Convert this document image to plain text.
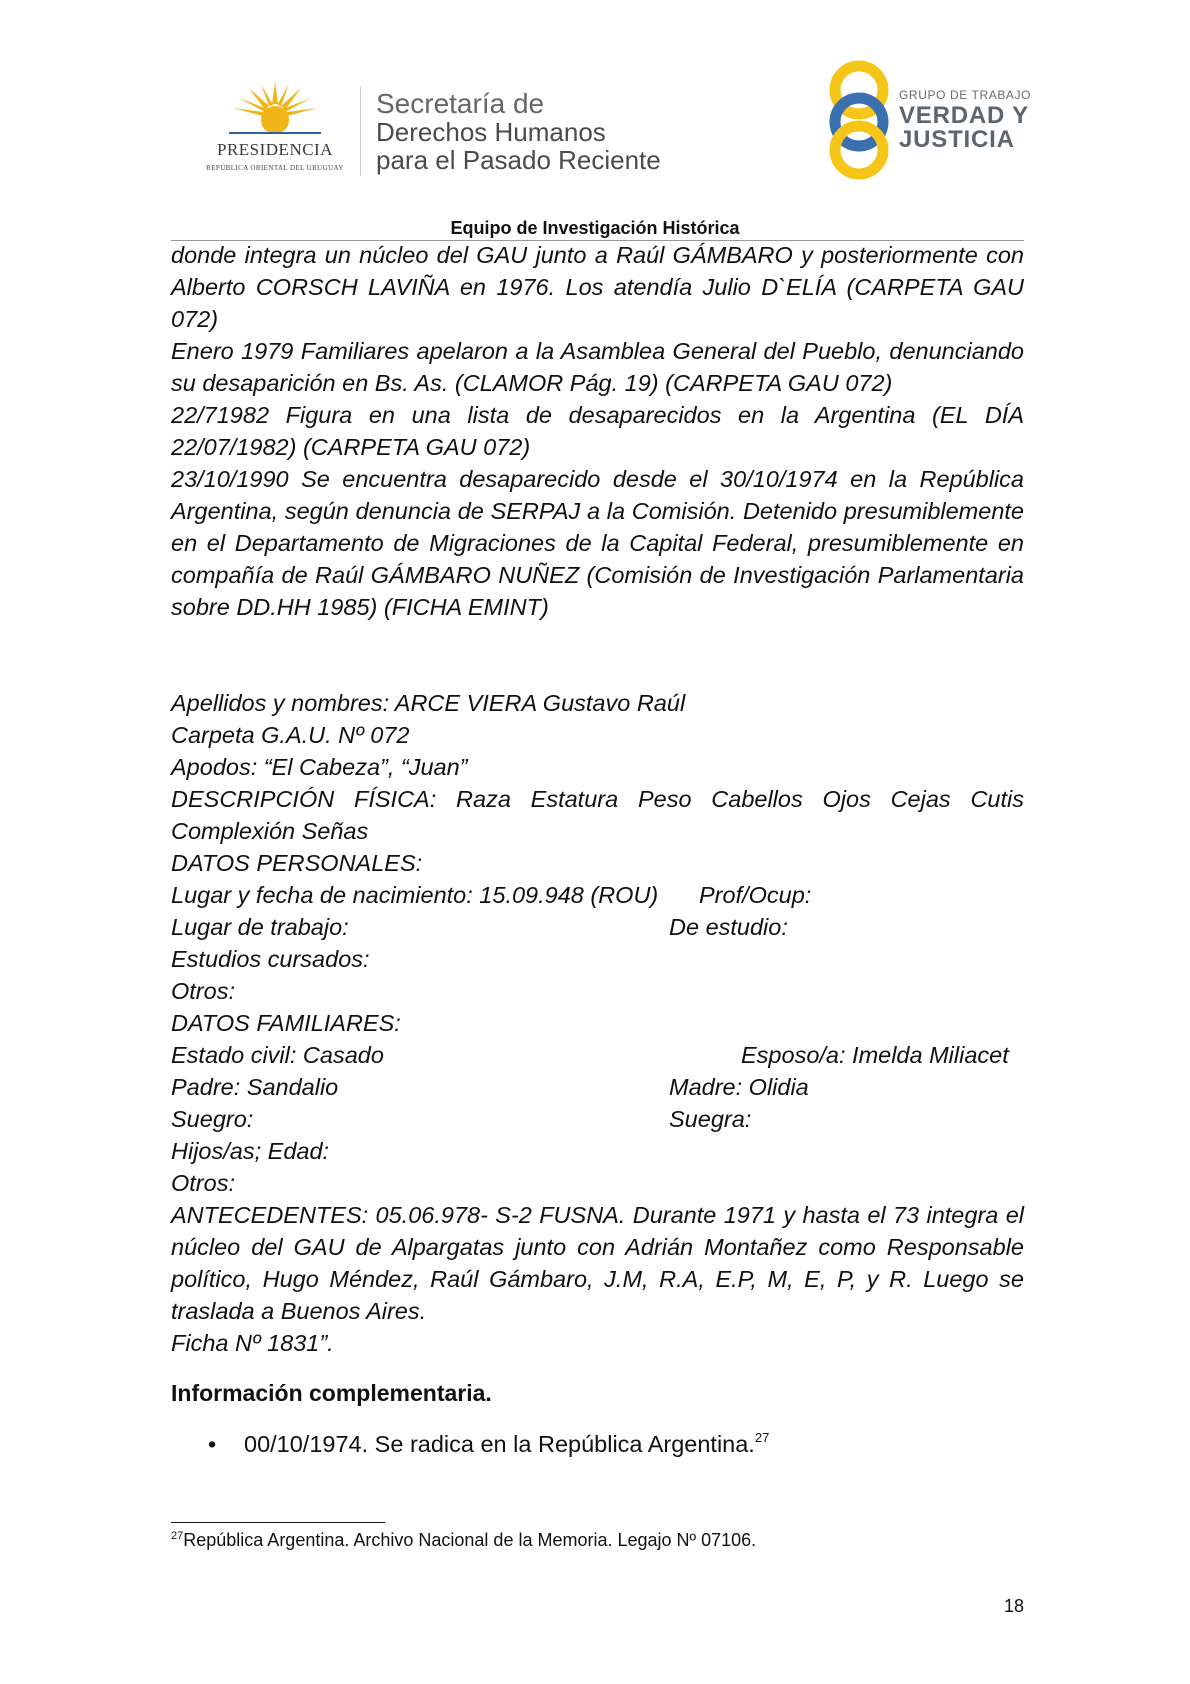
PRESIDENCIA
REPÚBLICA ORIENTAL DEL URUGUAY
Secretaría de
Derechos Humanos
para el Pasado Reciente
GRUPO DE TRABAJO
VERDAD Y
JUSTICIA
Equipo de Investigación Histórica

donde integra un núcleo del GAU junto a Raúl GÁMBARO y posteriormente con Alberto CORSCH LAVIÑA en 1976. Los atendía Julio D`ELÍA (CARPETA GAU 072)

Enero 1979 Familiares apelaron a la Asamblea General del Pueblo, denunciando su desaparición en Bs. As. (CLAMOR Pág. 19) (CARPETA GAU 072)

22/71982 Figura en una lista de desaparecidos en la Argentina (EL DÍA 22/07/1982) (CARPETA GAU 072)

23/10/1990 Se encuentra desaparecido desde el 30/10/1974 en la República Argentina, según denuncia de SERPAJ a la Comisión. Detenido presumiblemente en el Departamento de Migraciones de la Capital Federal, presumiblemente en compañía de Raúl GÁMBARO NUÑEZ (Comisión de Investigación Parlamentaria sobre DD.HH 1985) (FICHA EMINT)

Apellidos y nombres: ARCE VIERA Gustavo Raúl

Carpeta G.A.U. Nº 072

Apodos: “El Cabeza”, “Juan”

DESCRIPCIÓN FÍSICA: Raza Estatura Peso Cabellos Ojos Cejas Cutis Complexión Señas

DATOS PERSONALES:

Lugar y fecha de nacimiento: 15.09.948 (ROU) Prof/Ocup:
Lugar de trabajo:	De estudio:

Estudios cursados:

Otros:

DATOS FAMILIARES:

Estado civil: Casado	Esposo/a: Imelda Miliacet
Padre: Sandalio	Madre: Olidia
Suegro:	Suegra:

Hijos/as; Edad:

Otros:

ANTECEDENTES: 05.06.978- S-2 FUSNA. Durante 1971 y hasta el 73 integra el núcleo del GAU de Alpargatas junto con Adrián Montañez como Responsable político, Hugo Méndez, Raúl Gámbaro, J.M, R.A, E.P, M, E, P, y R. Luego se traslada a Buenos Aires.

Ficha Nº 1831”.

Información complementaria.
• 00/10/1974. Se radica en la República Argentina.$^{27}$
$^{27}$República Argentina. Archivo Nacional de la Memoria. Legajo Nº 07106.
18
